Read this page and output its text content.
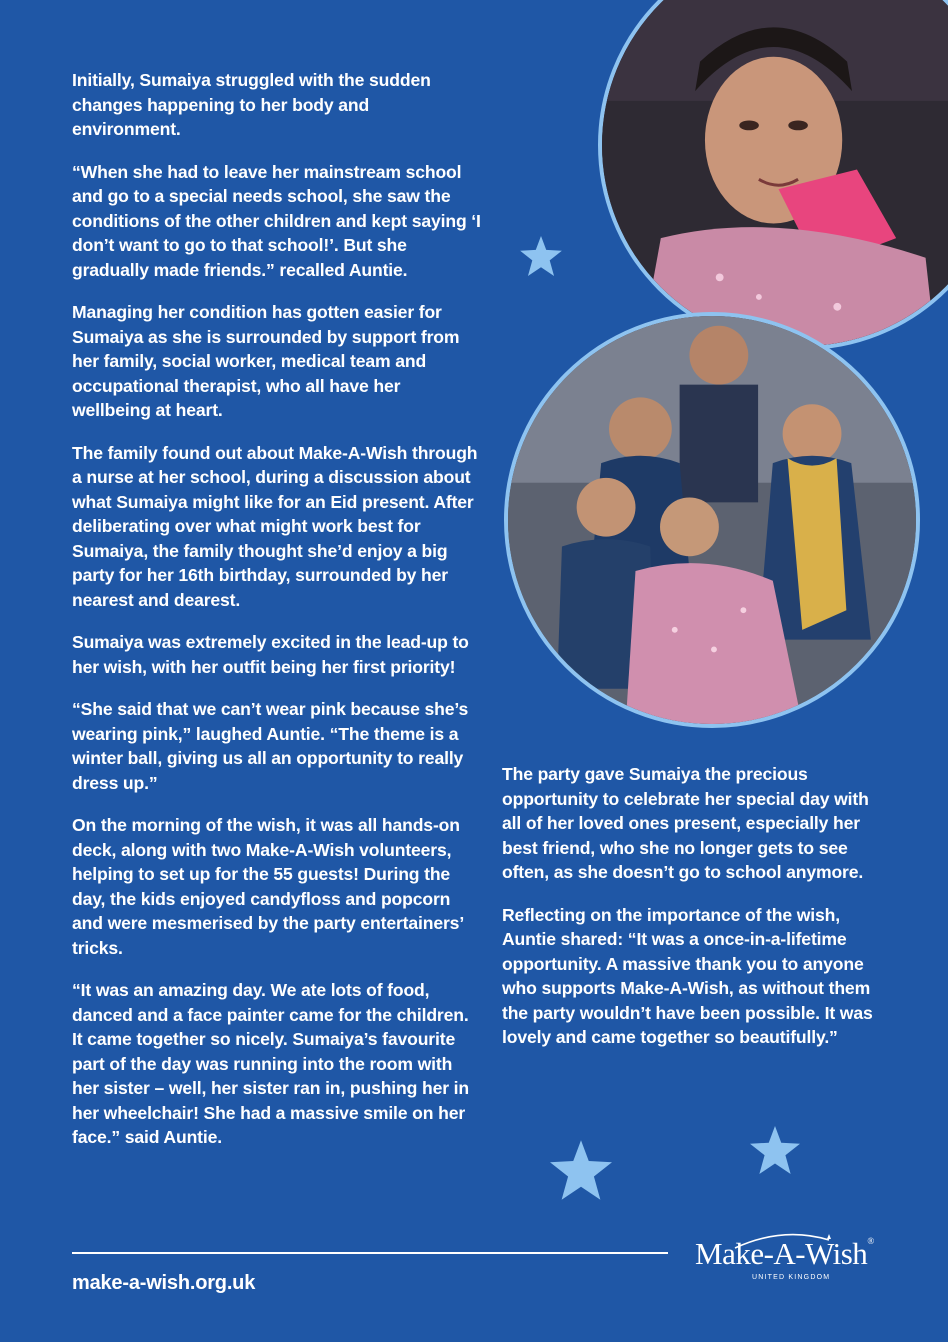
Initially, Sumaiya struggled with the sudden changes happening to her body and environment.

“When she had to leave her mainstream school and go to a special needs school, she saw the conditions of the other children and kept saying ‘I don’t want to go to that school!’. But she gradually made friends.” recalled Auntie.

Managing her condition has gotten easier for Sumaiya as she is surrounded by support from her family, social worker, medical team and occupational therapist, who all have her wellbeing at heart.

The family found out about Make-A-Wish through a nurse at her school, during a discussion about what Sumaiya might like for an Eid present. After deliberating over what might work best for Sumaiya, the family thought she’d enjoy a big party for her 16th birthday, surrounded by her nearest and dearest.

Sumaiya was extremely excited in the lead-up to her wish, with her outfit being her first priority!

“She said that we can’t wear pink because she’s wearing pink,” laughed Auntie. “The theme is a winter ball, giving us all an opportunity to really dress up.”

On the morning of the wish, it was all hands-on deck, along with two Make-A-Wish volunteers, helping to set up for the 55 guests! During the day, the kids enjoyed candyfloss and popcorn and were mesmerised by the party entertainers’ tricks.

“It was an amazing day. We ate lots of food, danced and a face painter came for the children. It came together so nicely. Sumaiya’s favourite part of the day was running into the room with her sister – well, her sister ran in, pushing her in her wheelchair! She had a massive smile on her face.” said Auntie.

The party gave Sumaiya the precious opportunity to celebrate her special day with all of her loved ones present, especially her best friend, who she no longer gets to see often, as she doesn’t go to school anymore.

Reflecting on the importance of the wish, Auntie shared: “It was a once-in-a-lifetime opportunity. A massive thank you to anyone who supports Make-A-Wish, as without them the party wouldn’t have been possible. It was lovely and came together so beautifully.”

make-a-wish.org.uk
Make-A-Wish®
UNITED KINGDOM
